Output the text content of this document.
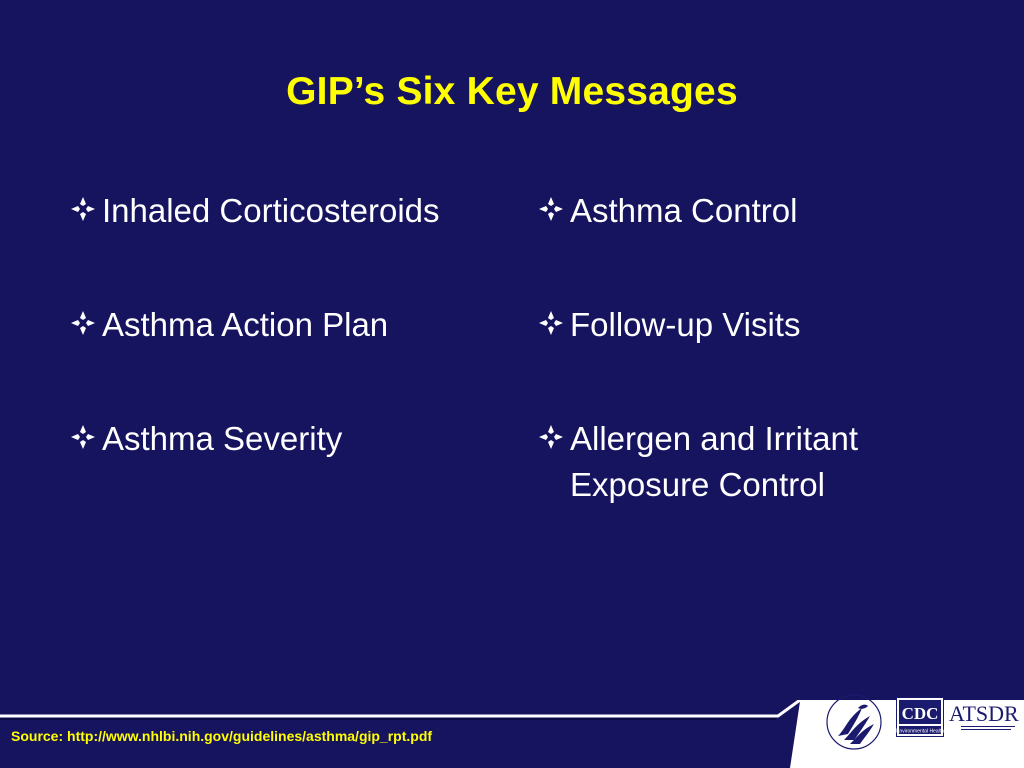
GIP’s Six Key Messages
Inhaled Corticosteroids
Asthma Action Plan
Asthma Severity
Asthma Control
Follow-up Visits
Allergen and Irritant Exposure Control
Source: http://www.nhlbi.nih.gov/guidelines/asthma/gip_rpt.pdf
CDC
Environmental Health
ATSDR
